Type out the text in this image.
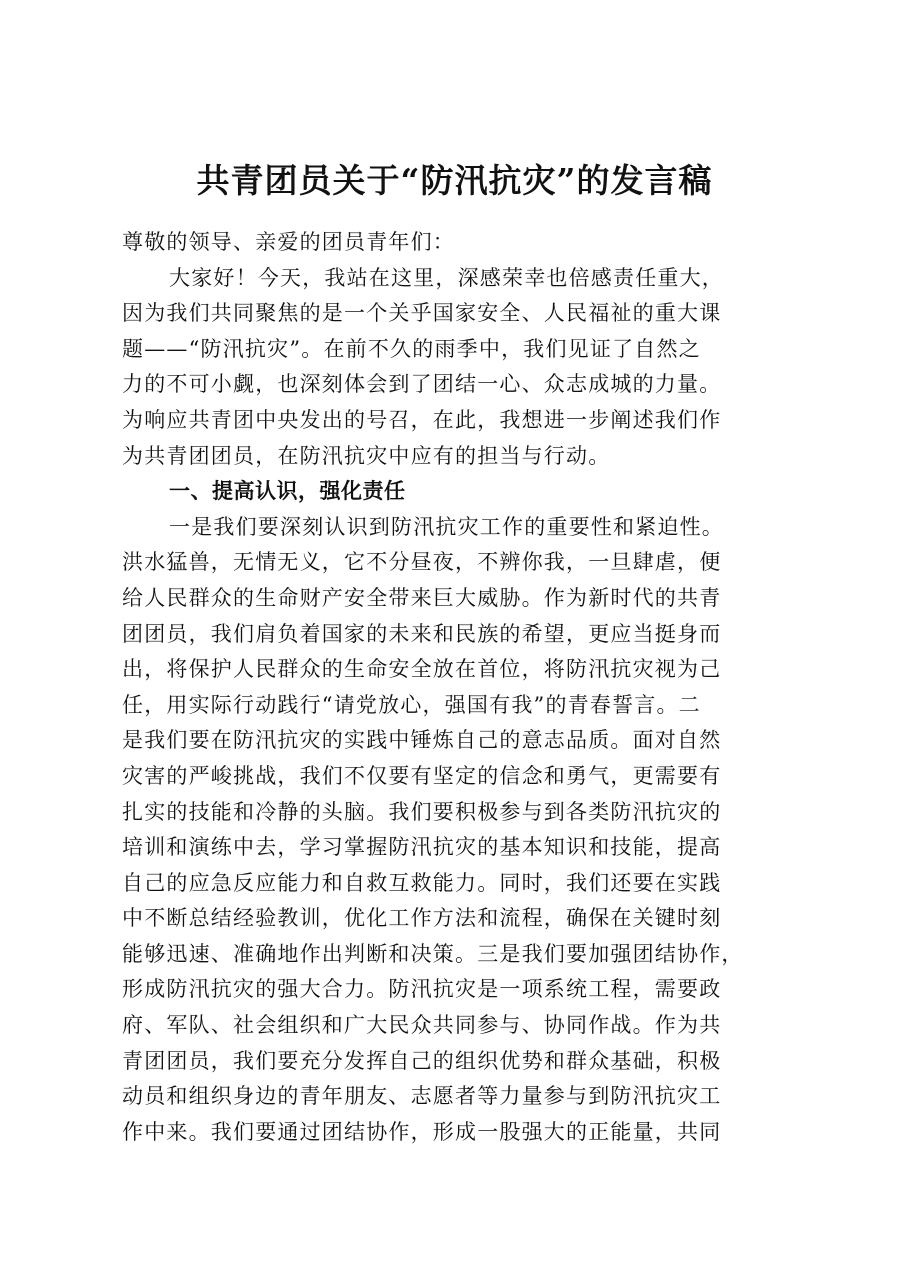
共青团员关于“防汛抗灾”的发言稿

尊敬的领导、亲爱的团员青年们：

大家好！今天，我站在这里，深感荣幸也倍感责任重大，

因为我们共同聚焦的是一个关乎国家安全、人民福祉的重大课

题——“防汛抗灾”。在前不久的雨季中，我们见证了自然之

力的不可小觑，也深刻体会到了团结一心、众志成城的力量。

为响应共青团中央发出的号召，在此，我想进一步阐述我们作

为共青团团员，在防汛抗灾中应有的担当与行动。

一、提高认识，强化责任

一是我们要深刻认识到防汛抗灾工作的重要性和紧迫性。

洪水猛兽，无情无义，它不分昼夜，不辨你我，一旦肆虐，便

给人民群众的生命财产安全带来巨大威胁。作为新时代的共青

团团员，我们肩负着国家的未来和民族的希望，更应当挺身而

出，将保护人民群众的生命安全放在首位，将防汛抗灾视为己

任，用实际行动践行“请党放心，强国有我”的青春誓言。二

是我们要在防汛抗灾的实践中锤炼自己的意志品质。面对自然

灾害的严峻挑战，我们不仅要有坚定的信念和勇气，更需要有

扎实的技能和冷静的头脑。我们要积极参与到各类防汛抗灾的

培训和演练中去，学习掌握防汛抗灾的基本知识和技能，提高

自己的应急反应能力和自救互救能力。同时，我们还要在实践

中不断总结经验教训，优化工作方法和流程，确保在关键时刻

能够迅速、准确地作出判断和决策。三是我们要加强团结协作，

形成防汛抗灾的强大合力。防汛抗灾是一项系统工程，需要政

府、军队、社会组织和广大民众共同参与、协同作战。作为共

青团团员，我们要充分发挥自己的组织优势和群众基础，积极

动员和组织身边的青年朋友、志愿者等力量参与到防汛抗灾工

作中来。我们要通过团结协作，形成一股强大的正能量，共同
